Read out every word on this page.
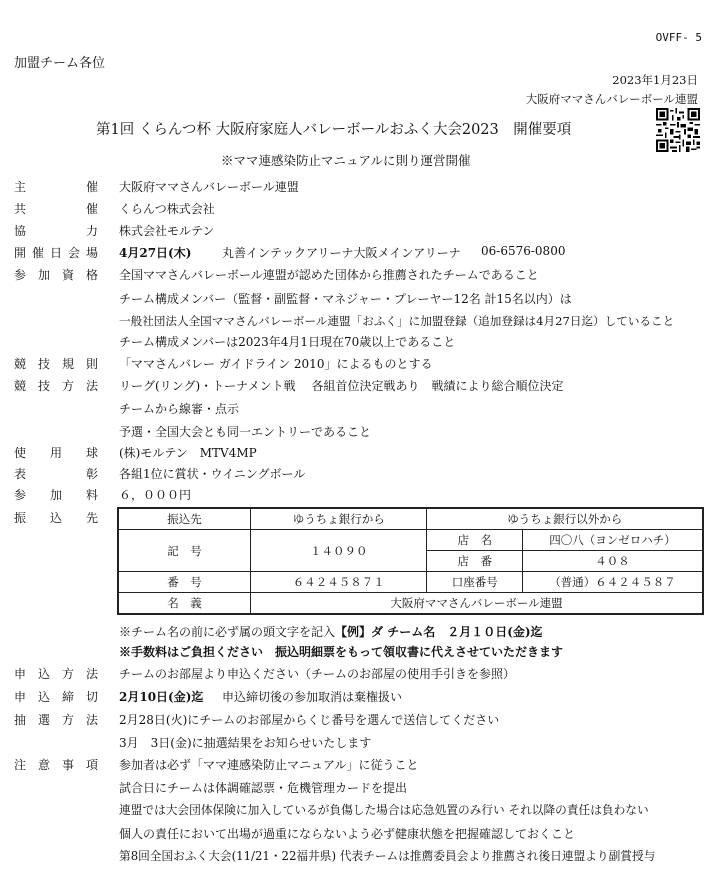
OVFF- 5
加盟チーム各位
2023年1月23日
大阪府ママさんバレーボール連盟
第1回 くらんつ杯 大阪府家庭人バレーボールおふく大会2023　開催要項
※ママ連感染防止マニュアルに則り運営開催
主	催 大阪府ママさんバレーボール連盟
共	催 くらんつ株式会社
協	力 株式会社モルテン
開 催 日 会 場 4月27日(木)	丸善インテックアリーナ大阪メインアリーナ 06-6576-0800
参 加 資 格 全国ママさんバレーボール連盟が認めた団体から推薦されたチームであること
チーム構成メンバー（監督・副監督・マネジャー・プレーヤー12名 計15名以内）は
一般社団法人全国ママさんバレーボール連盟「おふく」に加盟登録（追加登録は4月27日迄）していること
チーム構成メンバーは2023年4月1日現在70歳以上であること
競 技 規 則 「ママさんバレー ガイドライン 2010」によるものとする
競 技 方 法 リーグ(リング)・トーナメント戦　 各組首位決定戦あり　戦績により総合順位決定
チームから線審・点示
予選・全国大会とも同一エントリーであること
使 用 球 (株)モルテン　MTV4MP
表	彰 各組1位に賞状・ウイニングボール
参 加 料 ６，０００円
振 込 先	振込先	ゆうちょ銀行から	ゆうちょ銀行以外から	
記　号	１４０９０	店　名	四〇八（ヨンゼロハチ）
		店　番	４０８
番　号	６４２４５８７１	口座番号	（普通）６４２４５８７
名　義	大阪府ママさんバレーボール連盟		
※チーム名の前に必ず属の頭文字を記入【例】ダ チーム名　２月１０日(金)迄
※手数料はご負担ください　振込明細票をもって領収書に代えさせていただきます
申 込 方 法 チームのお部屋より申込ください（チームのお部屋の使用手引きを参照）
申 込 締 切 2月10日(金)迄 申込締切後の参加取消は棄権扱い
抽 選 方 法 2月28日(火)にチームのお部屋からくじ番号を選んで送信してください
3月　3日(金)に抽選結果をお知らせいたします
注 意 事 項 参加者は必ず「ママ連感染防止マニュアル」に従うこと
試合日にチームは体調確認票・危機管理カードを提出
連盟では大会団体保険に加入しているが負傷した場合は応急処置のみ行い それ以降の責任は負わない
個人の責任において出場が過重にならないよう必ず健康状態を把握確認しておくこと
第8回全国おふく大会(11/21・22福井県) 代表チームは推薦委員会より推薦され後日連盟より副賞授与
